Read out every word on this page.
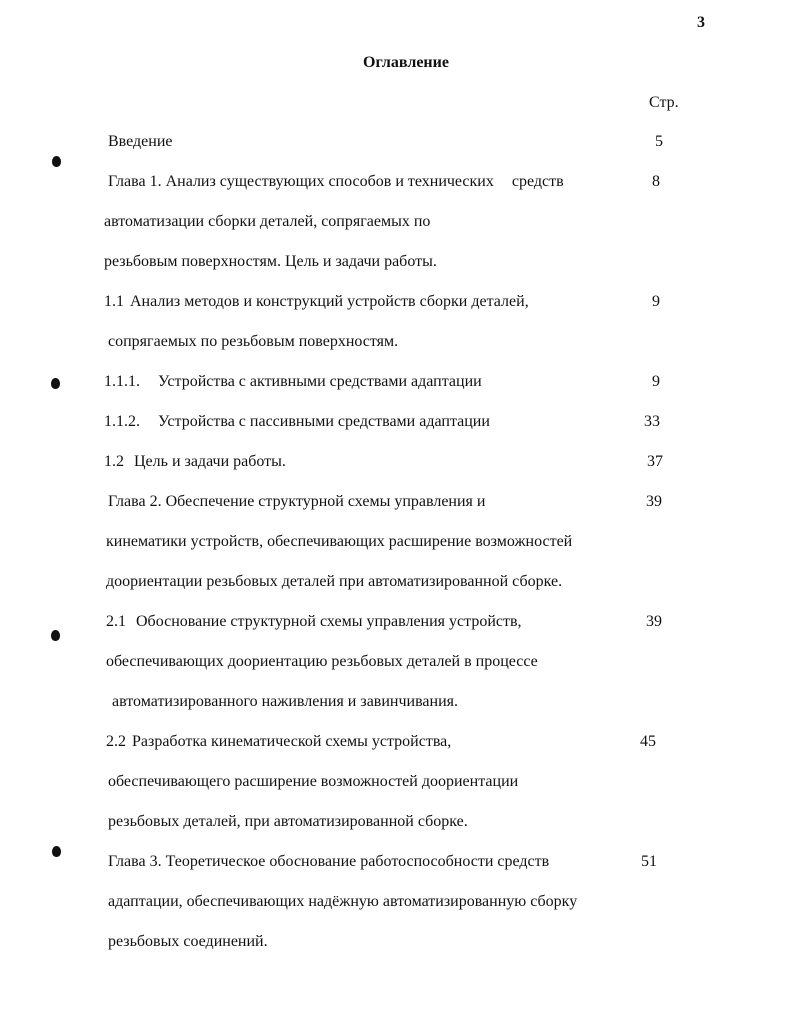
3
Оглавление
Стр.
Введение	5
Глава 1. Анализ существующих способов и технических средств	8
автоматизации сборки деталей, сопрягаемых по
резьбовым поверхностям. Цель и задачи работы.
1.1 Анализ методов и конструкций устройств сборки деталей,	9
сопрягаемых по резьбовым поверхностям.
1.1.1. Устройства с активными средствами адаптации	9
1.1.2. Устройства с пассивными средствами адаптации	33
1.2 Цель и задачи работы.	37
Глава 2. Обеспечение структурной схемы управления и	39
кинематики устройств, обеспечивающих расширение возможностей
доориентации резьбовых деталей при автоматизированной сборке.
2.1 Обоснование структурной схемы управления устройств,	39
обеспечивающих доориентацию резьбовых деталей в процессе
автоматизированного наживления и завинчивания.
2.2 Разработка кинематической схемы устройства,	45
обеспечивающего расширение возможностей доориентации
резьбовых деталей, при автоматизированной сборке.
Глава 3. Теоретическое обоснование работоспособности средств	51
адаптации, обеспечивающих надёжную автоматизированную сборку
резьбовых соединений.
